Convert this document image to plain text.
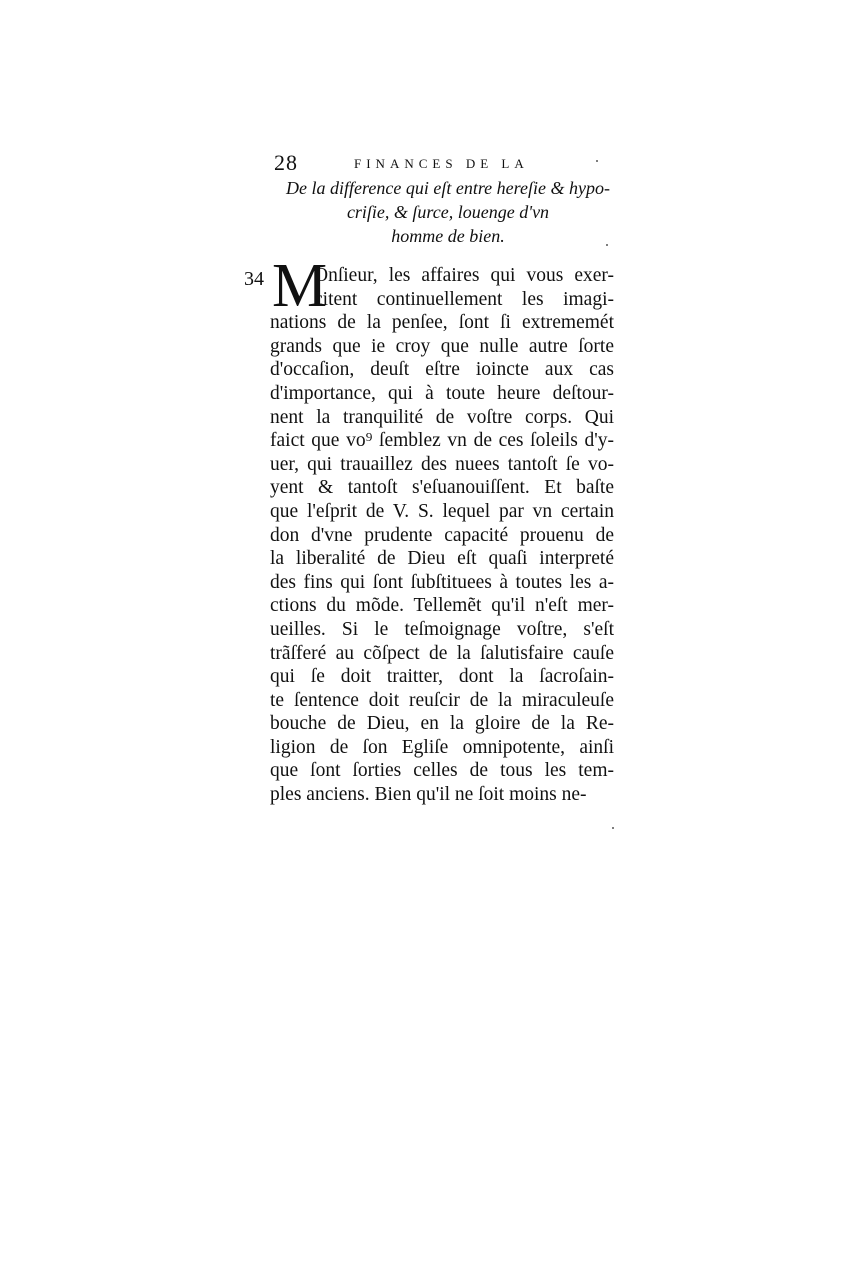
28	FINANCES DE LA
De la difference qui eſt entre hereſie & hypo-
criſie, & ſurce, louenge d'vn
homme de bien.
34 M
Onſieur, les affaires qui vous exer-
citent continuellement les imagi-
nations de la penſee, ſont ſi extrememét
grands que ie croy que nulle autre ſorte
d'occaſion, deuſt eſtre ioincte aux cas
d'importance, qui à toute heure deſtour-
nent la tranquilité de voſtre corps. Qui
faict que vo⁹ ſemblez vn de ces ſoleils d'y-
uer, qui trauaillez des nuees tantoſt ſe vo-
yent & tantoſt s'eſuanouiſſent. Et baſte
que l'eſprit de V. S. lequel par vn certain
don d'vne prudente capacité prouenu de
la liberalité de Dieu eſt quaſi interpreté
des fins qui ſont ſubſtituees à toutes les a-
ctions du mõde. Tellemẽt qu'il n'eſt mer-
ueilles. Si le teſmoignage voſtre, s'eſt
trãſferé au cõſpect de la ſalutisfaire cauſe
qui ſe doit traitter, dont la ſacroſain-
te ſentence doit reuſcir de la miraculeuſe
bouche de Dieu, en la gloire de la Re-
ligion de ſon Egliſe omnipotente, ainſi
que ſont ſorties celles de tous les tem-
ples anciens. Bien qu'il ne ſoit moins ne-
